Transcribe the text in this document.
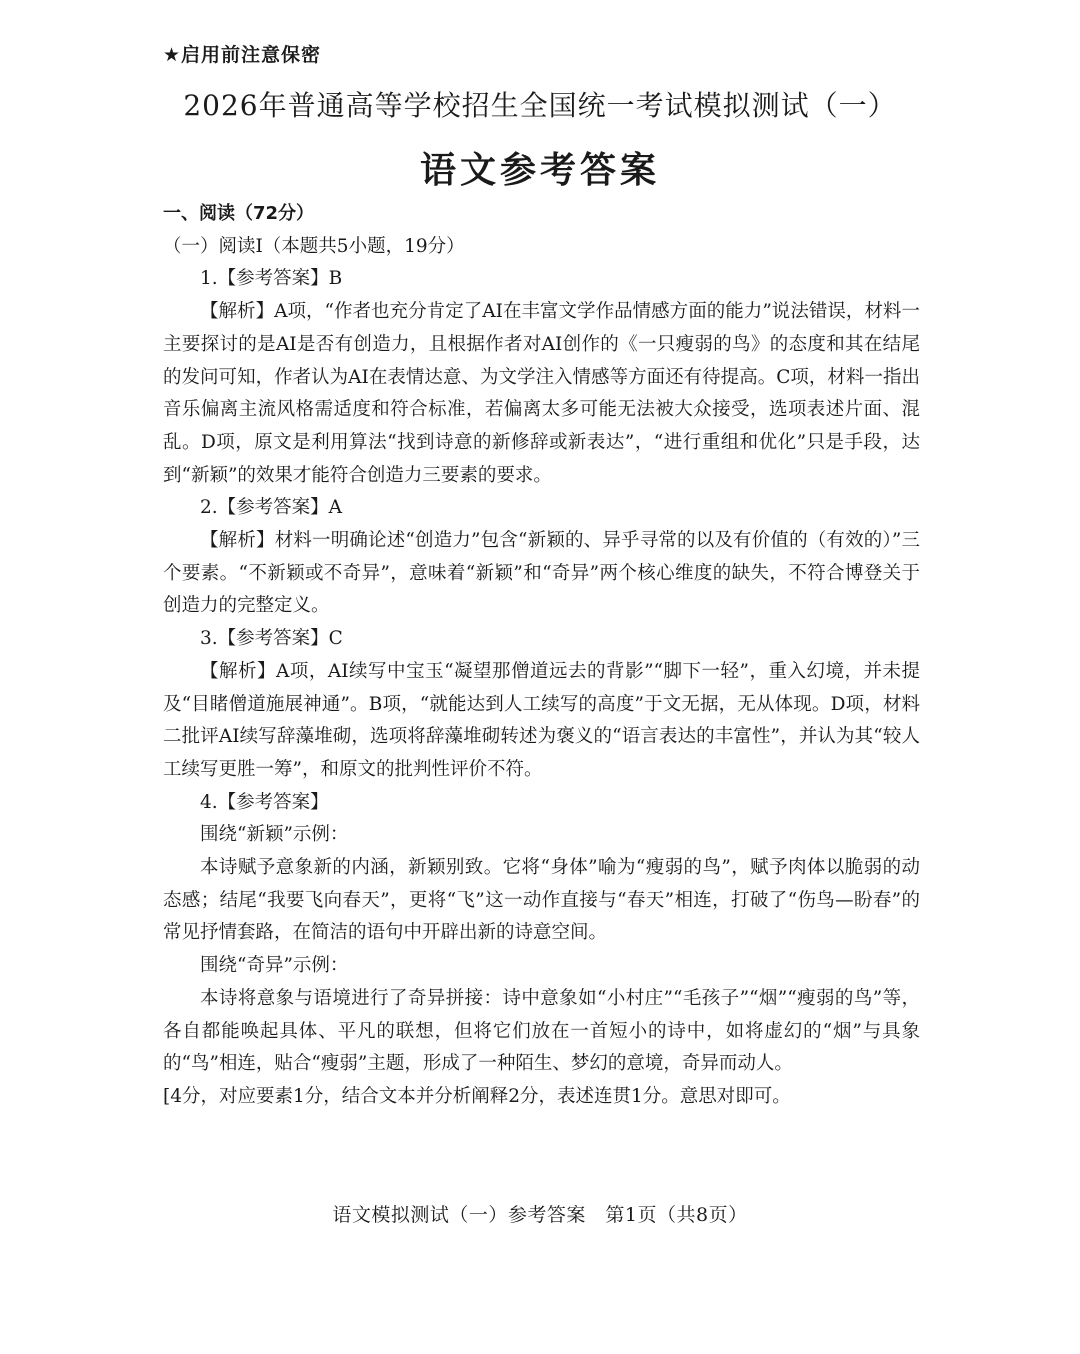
★启用前注意保密
2026年普通高等学校招生全国统一考试模拟测试（一）
语文参考答案

一、阅读（72分）

（一）阅读Ⅰ（本题共5小题，19分）

1.【参考答案】B

【解析】A项，“作者也充分肯定了AI在丰富文学作品情感方面的能力”说法错误，材料一主要探讨的是AI是否有创造力，且根据作者对AI创作的《一只瘦弱的鸟》的态度和其在结尾的发问可知，作者认为AI在表情达意、为文学注入情感等方面还有待提高。C项，材料一指出音乐偏离主流风格需适度和符合标准，若偏离太多可能无法被大众接受，选项表述片面、混乱。D项，原文是利用算法“找到诗意的新修辞或新表达”，“进行重组和优化”只是手段，达到“新颖”的效果才能符合创造力三要素的要求。

2.【参考答案】A

【解析】材料一明确论述“创造力”包含“新颖的、异乎寻常的以及有价值的（有效的）”三个要素。“不新颖或不奇异”，意味着“新颖”和“奇异”两个核心维度的缺失，不符合博登关于创造力的完整定义。

3.【参考答案】C

【解析】A项，AI续写中宝玉“凝望那僧道远去的背影”“脚下一轻”，重入幻境，并未提及“目睹僧道施展神通”。B项，“就能达到人工续写的高度”于文无据，无从体现。D项，材料二批评AI续写辞藻堆砌，选项将辞藻堆砌转述为褒义的“语言表达的丰富性”，并认为其“较人工续写更胜一筹”，和原文的批判性评价不符。

4.【参考答案】

围绕“新颖”示例：

本诗赋予意象新的内涵，新颖别致。它将“身体”喻为“瘦弱的鸟”，赋予肉体以脆弱的动态感；结尾“我要飞向春天”，更将“飞”这一动作直接与“春天”相连，打破了“伤鸟—盼春”的常见抒情套路，在简洁的语句中开辟出新的诗意空间。

围绕“奇异”示例：

本诗将意象与语境进行了奇异拼接：诗中意象如“小村庄”“毛孩子”“烟”“瘦弱的鸟”等，各自都能唤起具体、平凡的联想，但将它们放在一首短小的诗中，如将虚幻的“烟”与具象的“鸟”相连，贴合“瘦弱”主题，形成了一种陌生、梦幻的意境，奇异而动人。

[4分，对应要素1分，结合文本并分析阐释2分，表述连贯1分。意思对即可。

语文模拟测试（一）参考答案　第1页（共8页）
